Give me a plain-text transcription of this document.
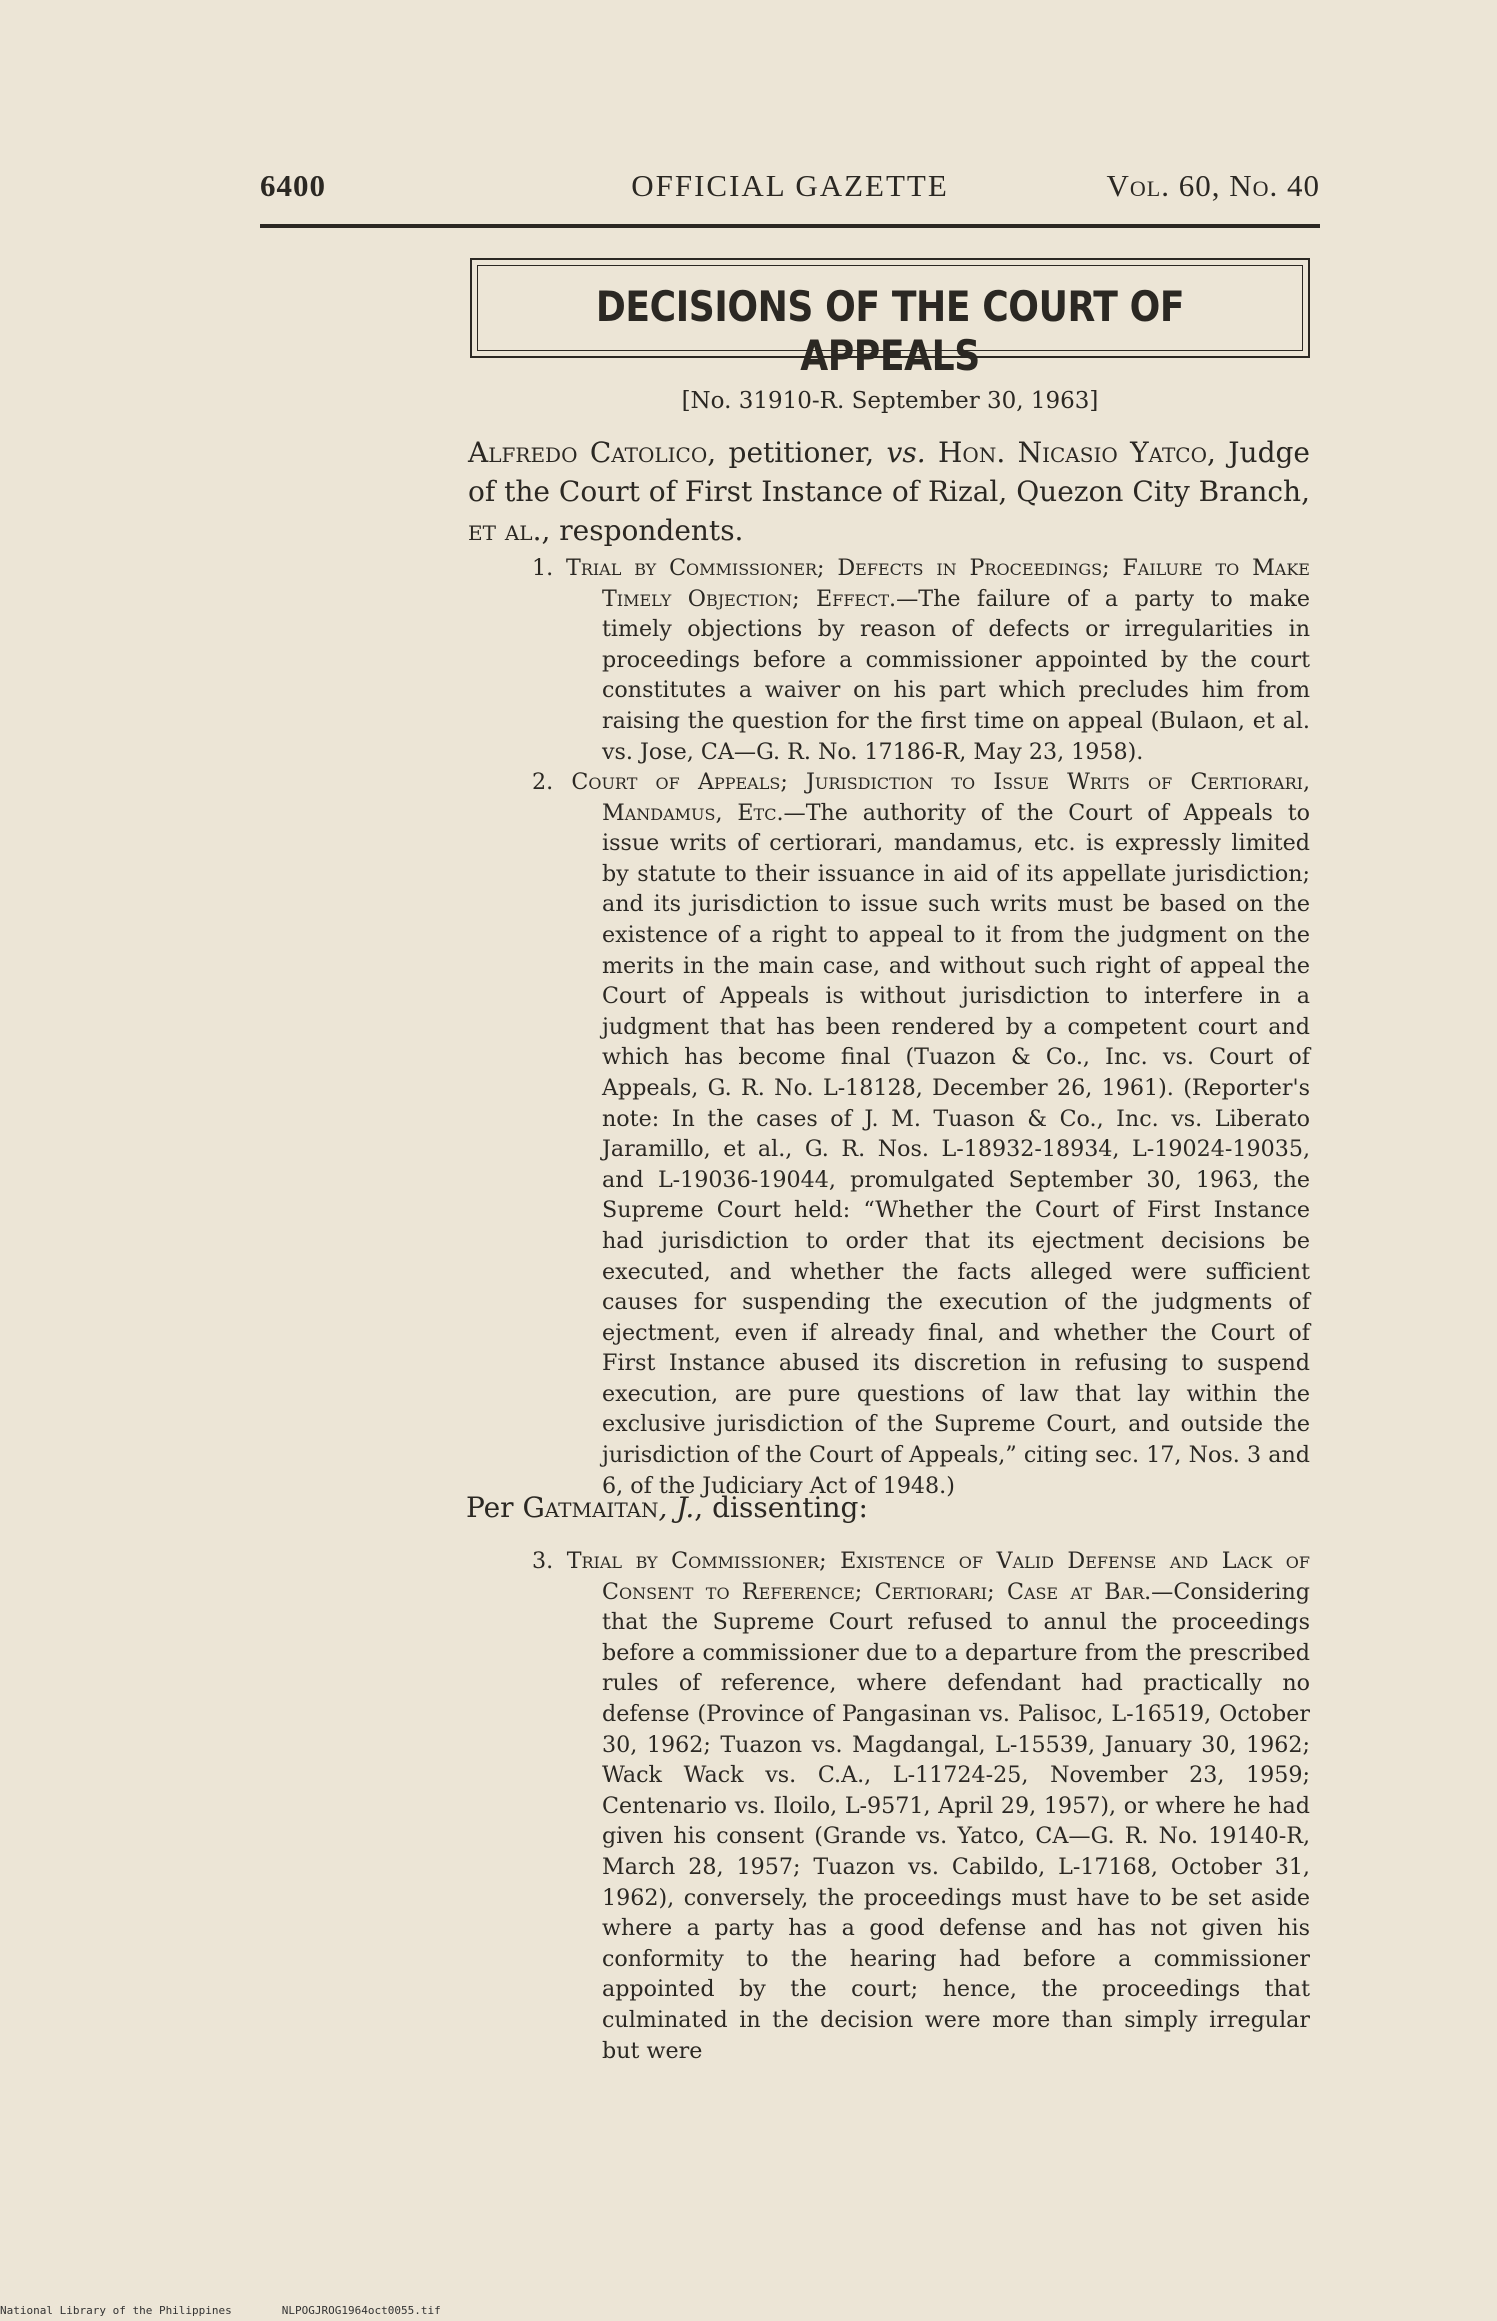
6400	OFFICIAL GAZETTE	Vol. 60, No. 40
DECISIONS OF THE COURT OF APPEALS
[No. 31910-R. September 30, 1963]
Alfredo Catolico, petitioner, vs. Hon. Nicasio Yatco, Judge of the Court of First Instance of Rizal, Quezon City Branch, et al., respondents.
1. Trial by Commissioner; Defects in Proceedings; Failure to Make Timely Objection; Effect.—The failure of a party to make timely objections by reason of defects or irregularities in proceedings before a commissioner appointed by the court constitutes a waiver on his part which precludes him from raising the question for the first time on appeal (Bulaon, et al. vs. Jose, CA—G. R. No. 17186-R, May 23, 1958).
2. Court of Appeals; Jurisdiction to Issue Writs of Certiorari, Mandamus, Etc.—The authority of the Court of Appeals to issue writs of certiorari, mandamus, etc. is expressly limited by statute to their issuance in aid of its appellate jurisdiction; and its jurisdiction to issue such writs must be based on the existence of a right to appeal to it from the judgment on the merits in the main case, and without such right of appeal the Court of Appeals is without jurisdiction to interfere in a judgment that has been rendered by a competent court and which has become final (Tuazon & Co., Inc. vs. Court of Appeals, G. R. No. L-18128, December 26, 1961). (Reporter's note: In the cases of J. M. Tuason & Co., Inc. vs. Liberato Jaramillo, et al., G. R. Nos. L-18932-18934, L-19024-19035, and L-19036-19044, promulgated September 30, 1963, the Supreme Court held: “Whether the Court of First Instance had jurisdiction to order that its ejectment decisions be executed, and whether the facts alleged were sufficient causes for suspending the execution of the judgments of ejectment, even if already final, and whether the Court of First Instance abused its discretion in refusing to suspend execution, are pure questions of law that lay within the exclusive jurisdiction of the Supreme Court, and outside the jurisdiction of the Court of Appeals,” citing sec. 17, Nos. 3 and 6, of the Judiciary Act of 1948.)
Per Gatmaitan, J., dissenting:
3. Trial by Commissioner; Existence of Valid Defense and Lack of Consent to Reference; Certiorari; Case at Bar.—Considering that the Supreme Court refused to annul the proceedings before a commissioner due to a departure from the prescribed rules of reference, where defendant had practically no defense (Province of Pangasinan vs. Palisoc, L-16519, October 30, 1962; Tuazon vs. Magdangal, L-15539, January 30, 1962; Wack Wack vs. C.A., L-11724-25, November 23, 1959; Centenario vs. Iloilo, L-9571, April 29, 1957), or where he had given his consent (Grande vs. Yatco, CA—G. R. No. 19140-R, March 28, 1957; Tuazon vs. Cabildo, L-17168, October 31, 1962), conversely, the proceedings must have to be set aside where a party has a good defense and has not given his conformity to the hearing had before a commissioner appointed by the court; hence, the proceedings that culminated in the decision were more than simply irregular but were
National Library of the Philippines	NLPOGJROG1964oct0055.tif
